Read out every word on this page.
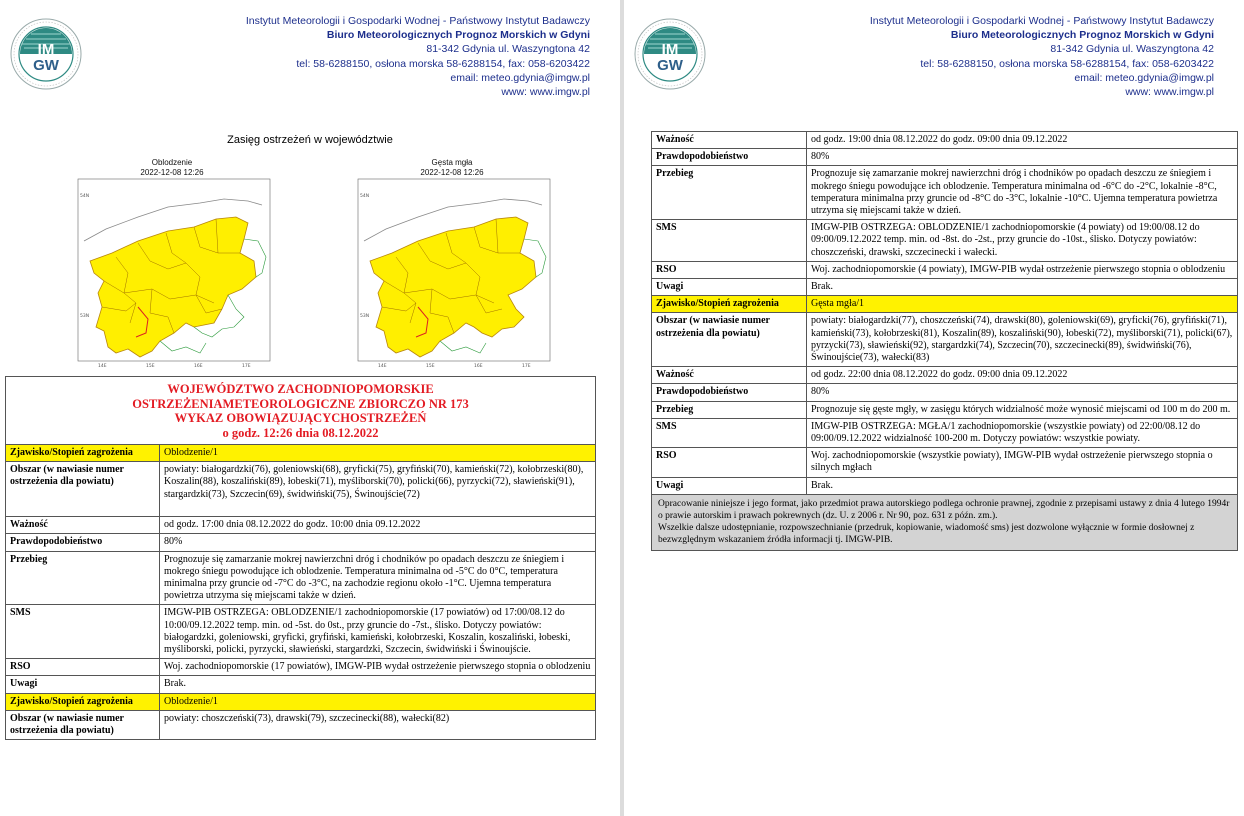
IM
GW
Instytut Meteorologii i Gospodarki Wodnej - Państwowy Instytut Badawczy
Biuro Meteorologicznych Prognoz Morskich w Gdyni
81-342 Gdynia ul. Waszyngtona 42
tel: 58-6288150, osłona morska 58-6288154, fax: 058-6203422
email: meteo.gdynia@imgw.pl
www: www.imgw.pl
Zasięg ostrzeżeń w województwie
Oblodzenie
2022-12-08 12:26
54N
53N
14E	15E	16E	17E
Gęsta mgła
2022-12-08 12:26
54N
53N
14E	15E	16E	17E
WOJEWÓDZTWO ZACHODNIOPOMORSKIE
OSTRZEŻENIAMETEOROLOGICZNE ZBIORCZO NR 173
WYKAZ OBOWIĄZUJĄCYCHOSTRZEŻEŃ
o godz. 12:26 dnia 08.12.2022	

Zjawisko/Stopień zagrożenia	Oblodzenie/1
Obszar (w nawiasie numer ostrzeżenia dla powiatu)	powiaty: białogardzki(76), goleniowski(68), gryficki(75), gryfiński(70), kamieński(72), kołobrzeski(80), Koszalin(88), koszaliński(89), łobeski(71), myśliborski(70), policki(66), pyrzycki(72), sławieński(91), stargardzki(73), Szczecin(69), świdwiński(75), Świnoujście(72)
Ważność	od godz. 17:00 dnia 08.12.2022 do godz. 10:00 dnia 09.12.2022
Prawdopodobieństwo	80%
Przebieg	Prognozuje się zamarzanie mokrej nawierzchni dróg i chodników po opadach deszczu ze śniegiem i mokrego śniegu powodujące ich oblodzenie. Temperatura minimalna od -5°C do 0°C, temperatura minimalna przy gruncie od -7°C do -3°C, na zachodzie regionu około -1°C. Ujemna temperatura powietrza utrzyma się miejscami także w dzień.
SMS	IMGW-PIB OSTRZEGA: OBLODZENIE/1 zachodniopomorskie (17 powiatów) od 17:00/08.12 do 10:00/09.12.2022 temp. min. od -5st. do 0st., przy gruncie do -7st., ślisko. Dotyczy powiatów: białogardzki, goleniowski, gryficki, gryfiński, kamieński, kołobrzeski, Koszalin, koszaliński, łobeski, myśliborski, policki, pyrzycki, sławieński, stargardzki, Szczecin, świdwiński i Świnoujście.
RSO	Woj. zachodniopomorskie (17 powiatów), IMGW-PIB wydał ostrzeżenie pierwszego stopnia o oblodzeniu
Uwagi	Brak.
Zjawisko/Stopień zagrożenia	Oblodzenie/1
Obszar (w nawiasie numer ostrzeżenia dla powiatu)	powiaty: choszczeński(73), drawski(79), szczecinecki(88), wałecki(82)
IM
GW
Instytut Meteorologii i Gospodarki Wodnej - Państwowy Instytut Badawczy
Biuro Meteorologicznych Prognoz Morskich w Gdyni
81-342 Gdynia ul. Waszyngtona 42
tel: 58-6288150, osłona morska 58-6288154, fax: 058-6203422
email: meteo.gdynia@imgw.pl
www: www.imgw.pl
Ważność	od godz. 19:00 dnia 08.12.2022 do godz. 09:00 dnia 09.12.2022
Prawdopodobieństwo	80%
Przebieg	Prognozuje się zamarzanie mokrej nawierzchni dróg i chodników po opadach deszczu ze śniegiem i mokrego śniegu powodujące ich oblodzenie. Temperatura minimalna od -6°C do -2°C, lokalnie -8°C, temperatura minimalna przy gruncie od -8°C do -3°C, lokalnie -10°C. Ujemna temperatura powietrza utrzyma się miejscami także w dzień.
SMS	IMGW-PIB OSTRZEGA: OBLODZENIE/1 zachodniopomorskie (4 powiaty) od 19:00/08.12 do 09:00/09.12.2022 temp. min. od -8st. do -2st., przy gruncie do -10st., ślisko. Dotyczy powiatów: choszczeński, drawski, szczecinecki i wałecki.
RSO	Woj. zachodniopomorskie (4 powiaty), IMGW-PIB wydał ostrzeżenie pierwszego stopnia o oblodzeniu
Uwagi	Brak.
Zjawisko/Stopień zagrożenia	Gęsta mgła/1
Obszar (w nawiasie numer ostrzeżenia dla powiatu)	powiaty: białogardzki(77), choszczeński(74), drawski(80), goleniowski(69), gryficki(76), gryfiński(71), kamieński(73), kołobrzeski(81), Koszalin(89), koszaliński(90), łobeski(72), myśliborski(71), policki(67), pyrzycki(73), sławieński(92), stargardzki(74), Szczecin(70), szczecinecki(89), świdwiński(76), Świnoujście(73), wałecki(83)
Ważność	od godz. 22:00 dnia 08.12.2022 do godz. 09:00 dnia 09.12.2022
Prawdopodobieństwo	80%
Przebieg	Prognozuje się gęste mgły, w zasięgu których widzialność może wynosić miejscami od 100 m do 200 m.
SMS	IMGW-PIB OSTRZEGA: MGŁA/1 zachodniopomorskie (wszystkie powiaty) od 22:00/08.12 do 09:00/09.12.2022 widzialność 100-200 m. Dotyczy powiatów: wszystkie powiaty.
RSO	Woj. zachodniopomorskie (wszystkie powiaty), IMGW-PIB wydał ostrzeżenie pierwszego stopnia o silnych mgłach
Uwagi	Brak.

Opracowanie niniejsze i jego format, jako przedmiot prawa autorskiego podlega ochronie prawnej, zgodnie z przepisami ustawy z dnia 4 lutego 1994r o prawie autorskim i prawach pokrewnych (dz. U. z 2006 r. Nr 90, poz. 631 z późn. zm.).
Wszelkie dalsze udostępnianie, rozpowszechnianie (przedruk, kopiowanie, wiadomość sms) jest dozwolone wyłącznie w formie dosłownej z bezwzględnym wskazaniem źródła informacji tj. IMGW-PIB.	
